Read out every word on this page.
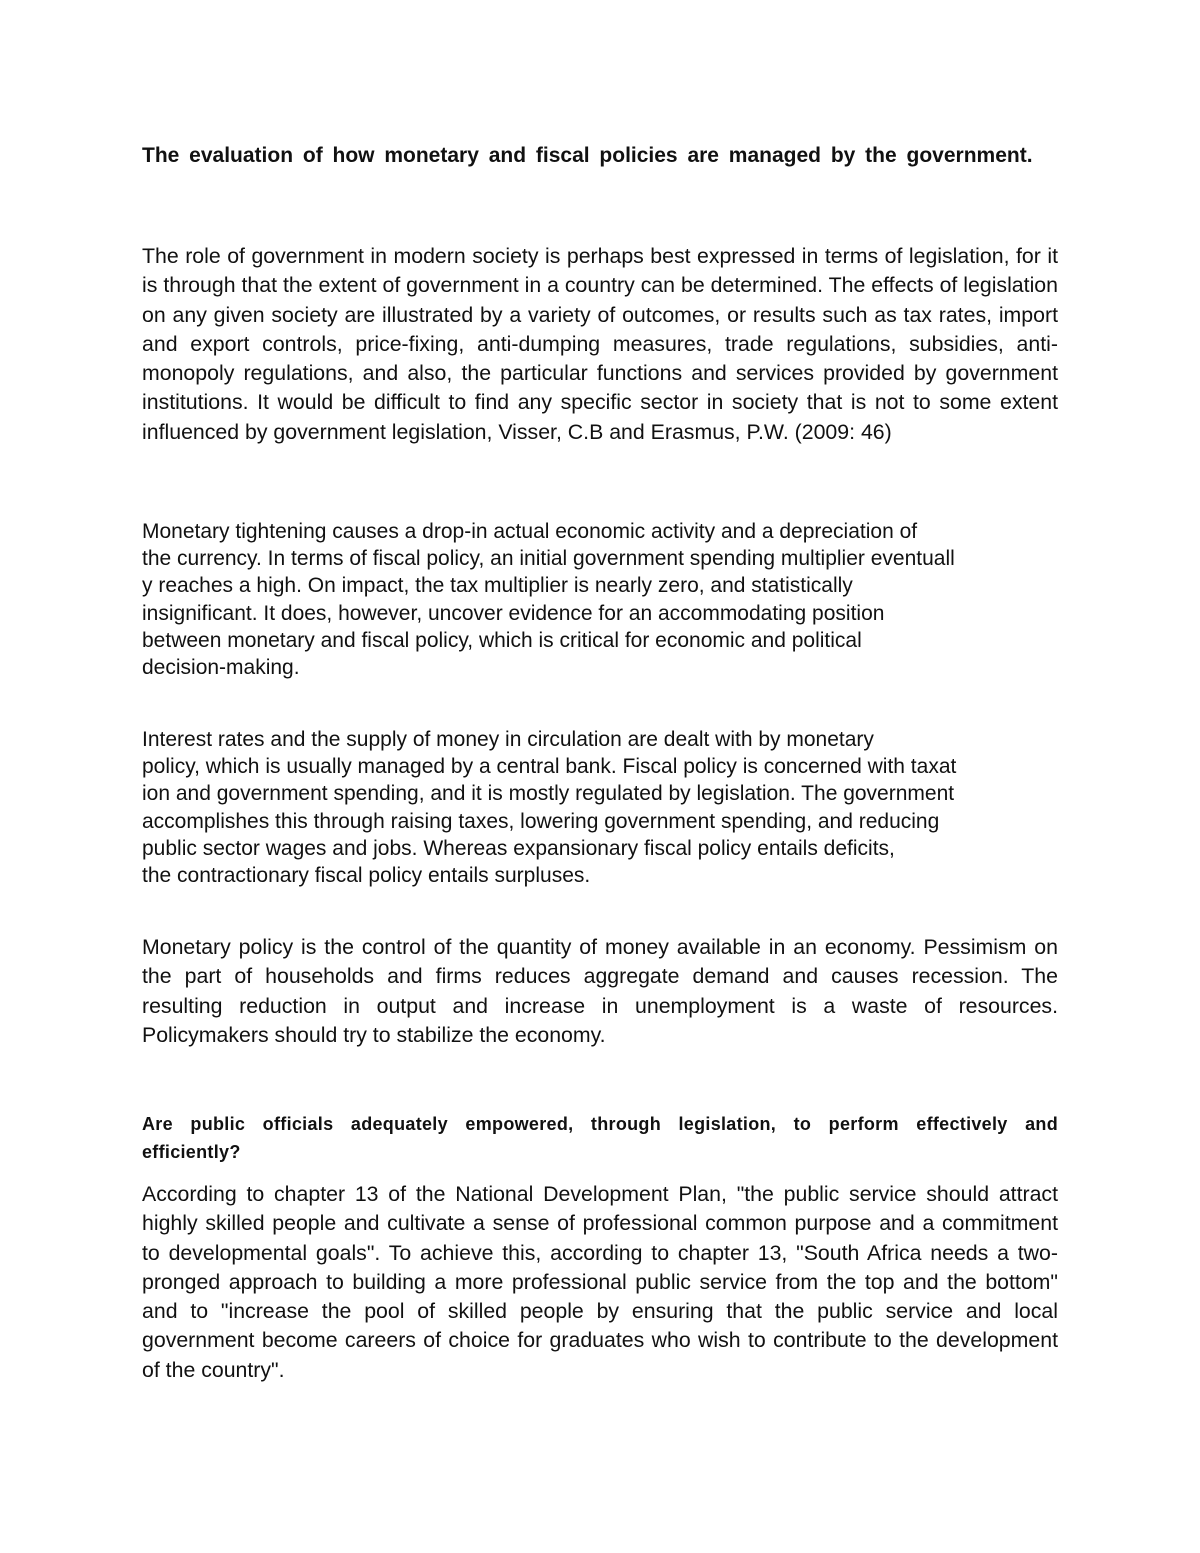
The evaluation of how monetary and fiscal policies are managed by the government.

The role of government in modern society is perhaps best expressed in terms of legislation, for it is through that the extent of government in a country can be determined. The effects of legislation on any given society are illustrated by a variety of outcomes, or results such as tax rates, import and export controls, price-fixing, anti-dumping measures, trade regulations, subsidies, anti-monopoly regulations, and also, the particular functions and services provided by government institutions. It would be difficult to find any specific sector in society that is not to some extent influenced by government legislation, Visser, C.B and Erasmus, P.W. (2009: 46)

Monetary tightening causes a drop-in actual economic activity and a depreciation of
the currency. In terms of fiscal policy, an initial government spending multiplier eventuall
y reaches a high. On impact, the tax multiplier is nearly zero, and statistically
insignificant. It does, however, uncover evidence for an accommodating position
between monetary and fiscal policy, which is critical for economic and political
decision-making.
Interest rates and the supply of money in circulation are dealt with by monetary
policy, which is usually managed by a central bank. Fiscal policy is concerned with taxat
ion and government spending, and it is mostly regulated by legislation. The government
accomplishes this through raising taxes, lowering government spending, and reducing
public sector wages and jobs. Whereas expansionary fiscal policy entails deficits,
the contractionary fiscal policy entails surpluses.

Monetary policy is the control of the quantity of money available in an economy. Pessimism on the part of households and firms reduces aggregate demand and causes recession. The resulting reduction in output and increase in unemployment is a waste of resources. Policymakers should try to stabilize the economy.

Are public officials adequately empowered, through legislation, to perform effectively and efficiently?

According to chapter 13 of the National Development Plan, "the public service should attract highly skilled people and cultivate a sense of professional common purpose and a commitment to developmental goals". To achieve this, according to chapter 13, "South Africa needs a two-pronged approach to building a more professional public service from the top and the bottom" and to "increase the pool of skilled people by ensuring that the public service and local government become careers of choice for graduates who wish to contribute to the development of the country".
